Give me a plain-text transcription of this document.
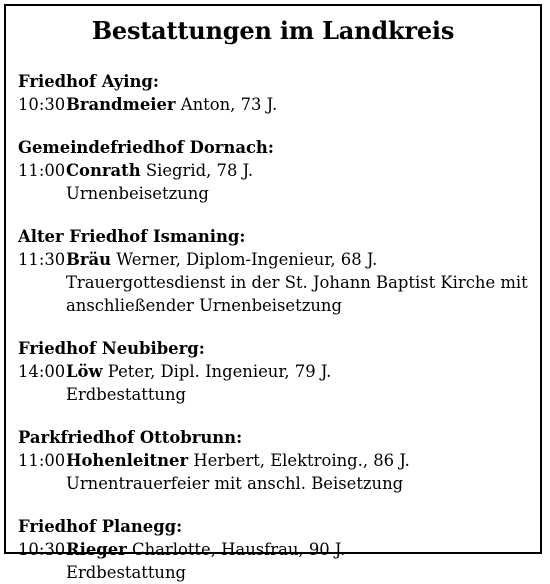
Bestattungen im Landkreis
Friedhof Aying:
10:30 Brandmeier Anton, 73 J.
Gemeindefriedhof Dornach:
11:00 Conrath Siegrid, 78 J.
Urnenbeisetzung
Alter Friedhof Ismaning:
11:30 Bräu Werner, Diplom-Ingenieur, 68 J.
Trauergottesdienst in der St. Johann Baptist Kirche mit anschließender Urnenbeisetzung
Friedhof Neubiberg:
14:00 Löw Peter, Dipl. Ingenieur, 79 J.
Erdbestattung
Parkfriedhof Ottobrunn:
11:00 Hohenleitner Herbert, Elektroing., 86 J.
Urnentrauerfeier mit anschl. Beisetzung
Friedhof Planegg:
10:30 Rieger Charlotte, Hausfrau, 90 J.
Erdbestattung
